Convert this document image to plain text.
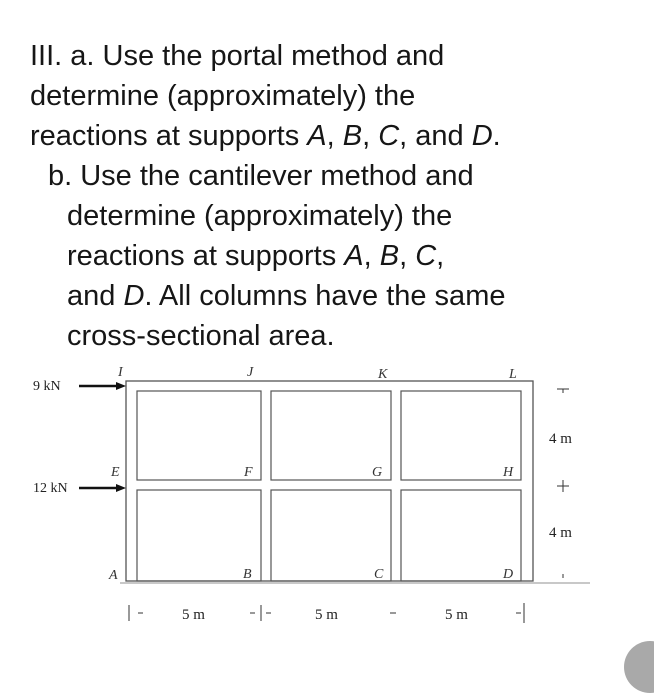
III. a. Use the portal method and
determine (approximately) the
reactions at supports A, B, C, and D.
b. Use the cantilever method and
determine (approximately) the
reactions at supports A, B, C,
and D. All columns have the same
cross-sectional area.
9 kN
12 kN
I	J	K	L
E	F	G	H
A	B	C	D
4 m
4 m
5 m	5 m	5 m
